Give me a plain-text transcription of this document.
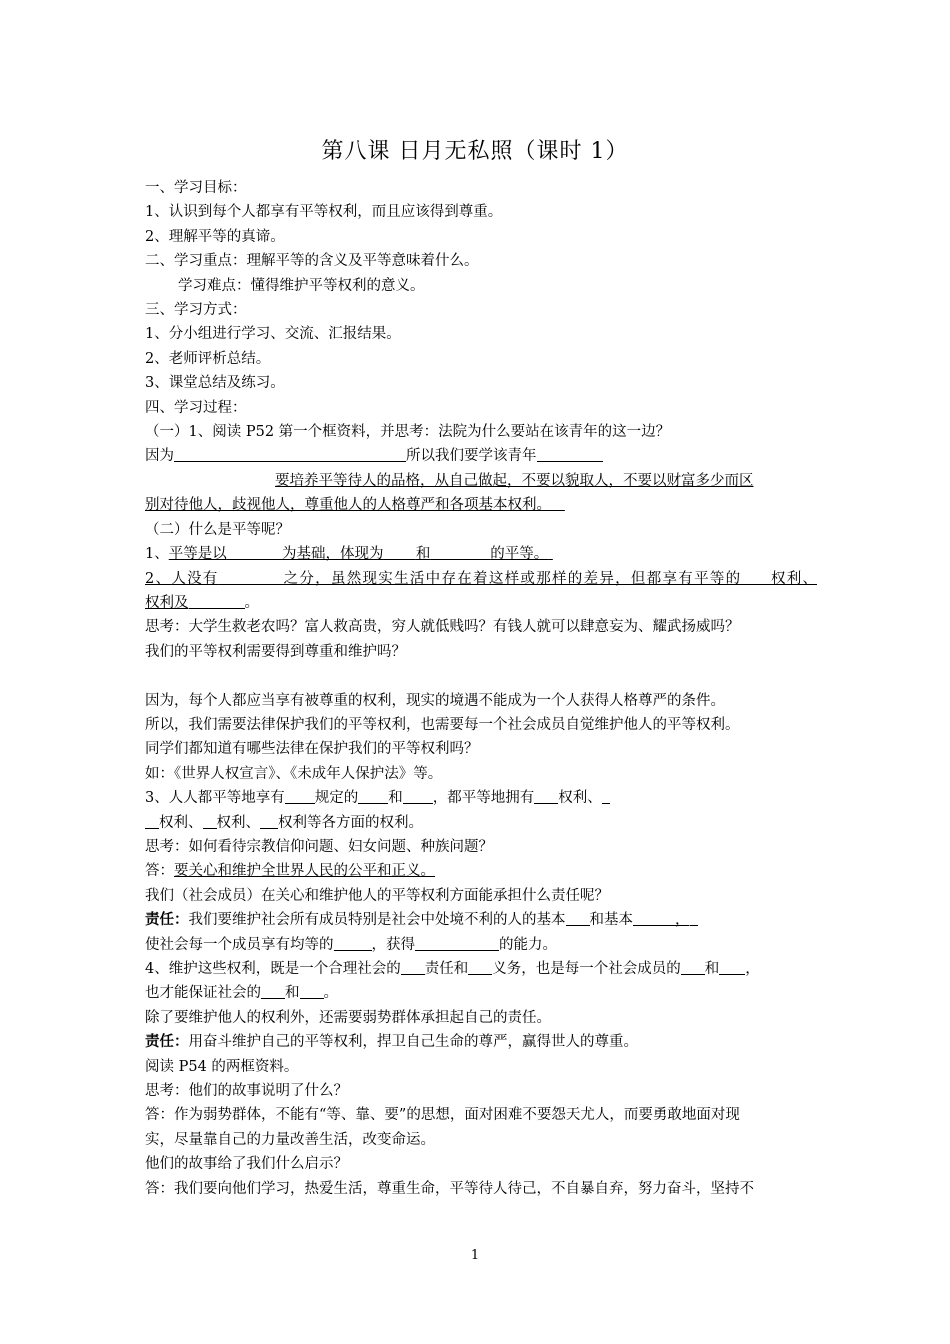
第八课 日月无私照（课时 1）
一、学习目标：
1、认识到每个人都享有平等权利，而且应该得到尊重。
2、理解平等的真谛。
二、学习重点：理解平等的含义及平等意味着什么。
学习难点：懂得维护平等权利的意义。
三、学习方式：
1、分小组进行学习、交流、汇报结果。
2、老师评析总结。
3、课堂总结及练习。
四、学习过程：
（一）1、阅读 P52 第一个框资料，并思考：法院为什么要站在该青年的这一边？
因为	所以我们要学该青年
要培养平等待人的品格，从自己做起，不要以貌取人，不要以财富多少而区
别对待他人，歧视他人，尊重他人的人格尊严和各项基本权利。
（二）什么是平等呢？
1、平等是以	为基础，体现为 和	的平等。
2、人没有	之分，虽然现实生活中存在着这样或那样的差异，但都享有平等的 权利、
权利及	。
思考：大学生救老农吗？富人救高贵，穷人就低贱吗？有钱人就可以肆意妄为、耀武扬威吗？
我们的平等权利需要得到尊重和维护吗？
因为，每个人都应当享有被尊重的权利，现实的境遇不能成为一个人获得人格尊严的条件。
所以，我们需要法律保护我们的平等权利，也需要每一个社会成员自觉维护他人的平等权利。
同学们都知道有哪些法律在保护我们的平等权利吗？
如：《世界人权宣言》、《未成年人保护法》等。
3、人人都平等地享有 规定的 和 ，都平等地拥有 权利、
权利、 权利、 权利等各方面的权利。
思考：如何看待宗教信仰问题、妇女问题、种族问题？
答：要关心和维护全世界人民的公平和正义。
我们（社会成员）在关心和维护他人的平等权利方面能承担什么责任呢？
责任：我们要维护社会所有成员特别是社会中处境不利的人的基本 和基本	，
使社会每一个成员享有均等的	，获得	的能力。
4、维护这些权利，既是一个合理社会的 责任和 义务，也是每一个社会成员的 和 ，
也才能保证社会的 和 。
除了要维护他人的权利外，还需要弱势群体承担起自己的责任。
责任：用奋斗维护自己的平等权利，捍卫自己生命的尊严，赢得世人的尊重。
阅读 P54 的两框资料。
思考：他们的故事说明了什么？
答：作为弱势群体，不能有“等、靠、要”的思想，面对困难不要怨天尤人，而要勇敢地面对现
实，尽量靠自己的力量改善生活，改变命运。
他们的故事给了我们什么启示？
答：我们要向他们学习，热爱生活，尊重生命，平等待人待己，不自暴自弃，努力奋斗，坚持不
1
